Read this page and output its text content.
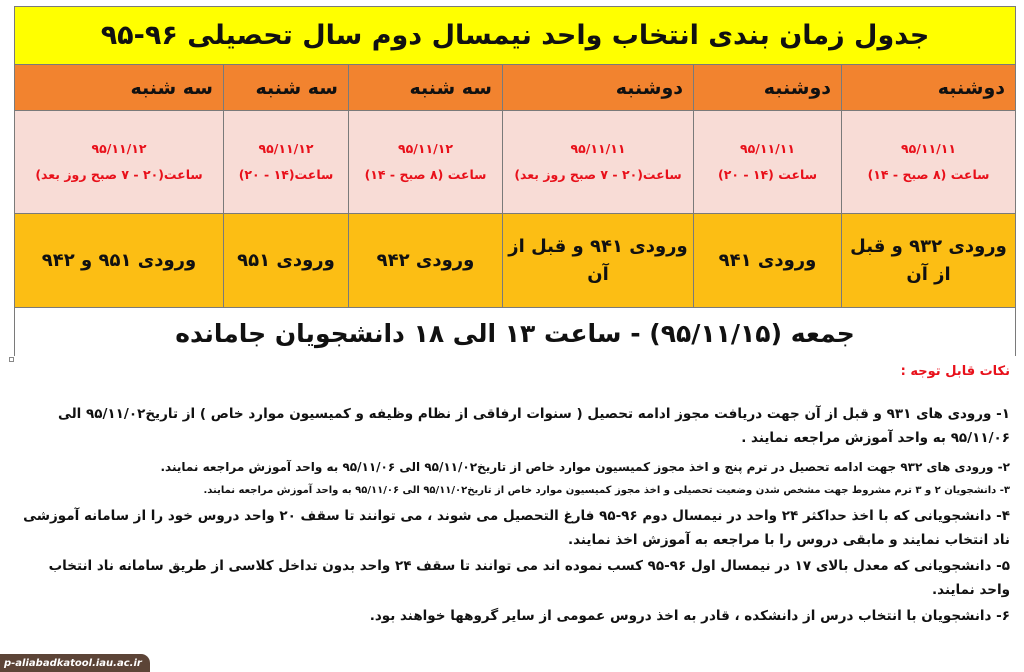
جدول زمان بندی انتخاب واحد نیمسال دوم سال تحصیلی ۹۶-۹۵
دوشنبه
دوشنبه
دوشنبه
سه شنبه
سه شنبه
سه شنبه
۹۵/۱۱/۱۱
ساعت (۸ صبح - ۱۴)
۹۵/۱۱/۱۱
ساعت (۱۴ - ۲۰)
۹۵/۱۱/۱۱
ساعت(۲۰ - ۷ صبح روز بعد)
۹۵/۱۱/۱۲
ساعت (۸ صبح - ۱۴)
۹۵/۱۱/۱۲
ساعت(۱۴ - ۲۰)
۹۵/۱۱/۱۲
ساعت(۲۰ - ۷ صبح روز بعد)
ورودی ۹۳۲ و قبل از آن
ورودی ۹۴۱
ورودی ۹۴۱ و قبل از آن
ورودی ۹۴۲
ورودی ۹۵۱
ورودی ۹۵۱ و ۹۴۲
جمعه (۹۵/۱۱/۱۵) - ساعت ۱۳ الی ۱۸ دانشجویان جامانده
نکات قابل توجه :
۱- ورودی های ۹۳۱ و قبل از آن جهت دریافت مجوز ادامه تحصیل ( سنوات ارفاقی از نظام وظیفه و کمیسیون موارد خاص ) از تاریخ۹۵/۱۱/۰۲ الی ۹۵/۱۱/۰۶ به واحد آموزش مراجعه نمایند .
۲- ورودی های ۹۳۲ جهت ادامه تحصیل در ترم پنج و اخذ مجوز کمیسیون موارد خاص از تاریخ۹۵/۱۱/۰۲ الی ۹۵/۱۱/۰۶ به واحد آموزش مراجعه نمایند.
۳- دانشجویان ۲ و ۳ ترم مشروط جهت مشخص شدن وضعیت تحصیلی و اخذ مجوز کمیسیون موارد خاص از تاریخ۹۵/۱۱/۰۲ الی ۹۵/۱۱/۰۶ به واحد آموزش مراجعه نمایند.
۴- دانشجویانی که با اخذ حداکثر ۲۴ واحد در نیمسال دوم ۹۶-۹۵ فارغ التحصیل می شوند ، می توانند تا سقف ۲۰ واحد دروس خود را از سامانه آموزشی ناد انتخاب نمایند و مابقی دروس را با مراجعه به آموزش اخذ نمایند.
۵- دانشجویانی که معدل بالای ۱۷ در نیمسال اول ۹۶-۹۵ کسب نموده اند می توانند تا سقف ۲۴ واحد بدون تداخل کلاسی از طریق سامانه ناد انتخاب واحد نمایند.
۶- دانشجویان با انتخاب درس از دانشکده ، قادر به اخذ دروس عمومی از سایر گروهها خواهند بود.
p-aliabadkatool.iau.ac.ir
